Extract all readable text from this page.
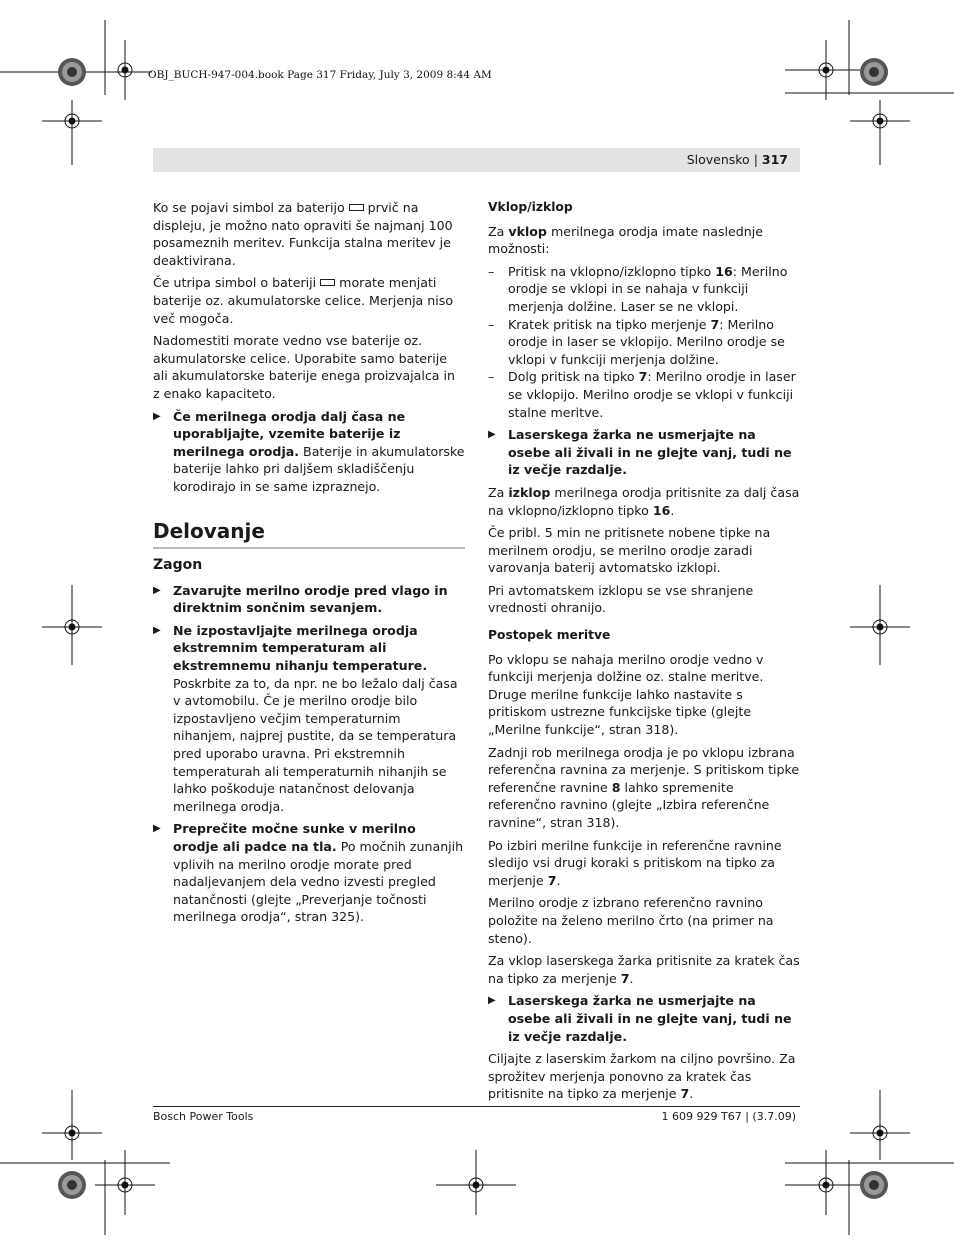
OBJ_BUCH-947-004.book Page 317 Friday, July 3, 2009 8:44 AM
Slovensko | 317

Ko se pojavi simbol za baterijo  prvič na displeju, je možno nato opraviti še najmanj 100 posameznih meritev. Funkcija stalna meritev je deaktivirana.

Če utripa simbol o bateriji  morate menjati baterije oz. akumulatorske celice. Merjenja niso več mogoča.

Nadomestiti morate vedno vse baterije oz. akumulatorske celice. Uporabite samo baterije ali akumulatorske baterije enega proizvajalca in z enako kapaciteto.

▶ Če merilnega orodja dalj časa ne uporabljajte, vzemite baterije iz merilnega orodja. Baterije in akumulatorske baterije lahko pri daljšem skladiščenju korodirajo in se same izpraznejo.
Delovanje
Zagon
▶ Zavarujte merilno orodje pred vlago in direktnim sončnim sevanjem.
▶ Ne izpostavljajte merilnega orodja ekstremnim temperaturam ali ekstremnemu nihanju temperature. Poskrbite za to, da npr. ne bo ležalo dalj časa v avtomobilu. Če je merilno orodje bilo izpostavljeno večjim temperaturnim nihanjem, najprej pustite, da se temperatura pred uporabo uravna. Pri ekstremnih temperaturah ali temperaturnih nihanjih se lahko poškoduje natančnost delovanja merilnega orodja.
▶ Preprečite močne sunke v merilno orodje ali padce na tla. Po močnih zunanjih vplivih na merilno orodje morate pred nadaljevanjem dela vedno izvesti pregled natančnosti (glejte „Preverjanje točnosti merilnega orodja“, stran 325).
Vklop/izklop

Za vklop merilnega orodja imate naslednje možnosti:

– Pritisk na vklopno/izklopno tipko 16: Merilno orodje se vklopi in se nahaja v funkciji merjenja dolžine. Laser se ne vklopi.
– Kratek pritisk na tipko merjenje 7: Merilno orodje in laser se vklopijo. Merilno orodje se vklopi v funkciji merjenja dolžine.
– Dolg pritisk na tipko 7: Merilno orodje in laser se vklopijo. Merilno orodje se vklopi v funkciji stalne meritve.
▶ Laserskega žarka ne usmerjajte na osebe ali živali in ne glejte vanj, tudi ne iz večje razdalje.

Za izklop merilnega orodja pritisnite za dalj časa na vklopno/izklopno tipko 16.

Če pribl. 5 min ne pritisnete nobene tipke na merilnem orodju, se merilno orodje zaradi varovanja baterij avtomatsko izklopi.

Pri avtomatskem izklopu se vse shranjene vrednosti ohranijo.

Postopek meritve

Po vklopu se nahaja merilno orodje vedno v funkciji merjenja dolžine oz. stalne meritve. Druge merilne funkcije lahko nastavite s pritiskom ustrezne funkcijske tipke (glejte „Merilne funkcije“, stran 318).

Zadnji rob merilnega orodja je po vklopu izbrana referenčna ravnina za merjenje. S pritiskom tipke referenčne ravnine 8 lahko spremenite referenčno ravnino (glejte „Izbira referenčne ravnine“, stran 318).

Po izbiri merilne funkcije in referenčne ravnine sledijo vsi drugi koraki s pritiskom na tipko za merjenje 7.

Merilno orodje z izbrano referenčno ravnino položite na želeno merilno črto (na primer na steno).

Za vklop laserskega žarka pritisnite za kratek čas na tipko za merjenje 7.

▶ Laserskega žarka ne usmerjajte na osebe ali živali in ne glejte vanj, tudi ne iz večje razdalje.

Ciljajte z laserskim žarkom na ciljno površino. Za sprožitev merjenja ponovno za kratek čas pritisnite na tipko za merjenje 7.

Bosch Power Tools	1 609 929 T67 | (3.7.09)
